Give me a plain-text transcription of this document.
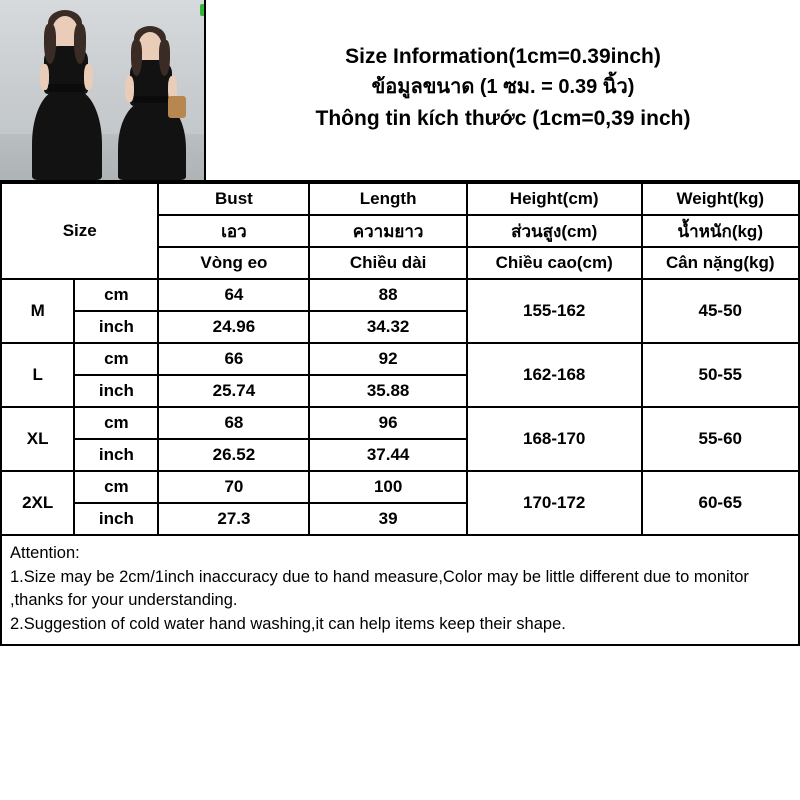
Size Information(1cm=0.39inch)
ข้อมูลขนาด (1 ซม. = 0.39 นิ้ว)
Thông tin kích thước (1cm=0,39 inch)
Size		Bust	Length	Height(cm)	Weight(kg)
		เอว	ความยาว	ส่วนสูง(cm)	น้ำหนัก(kg)
		Vòng eo	Chiều dài	Chiều cao(cm)	Cân nặng(kg)
M	cm	64	88	155-162	45-50
	inch	24.96	34.32		
L	cm	66	92	162-168	50-55
	inch	25.74	35.88		
XL	cm	68	96	168-170	55-60
	inch	26.52	37.44		
2XL	cm	70	100	170-172	60-65
	inch	27.3	39		
Attention:
1.Size may be 2cm/1inch inaccuracy due to hand measure,Color may be little different due to monitor ,thanks for your understanding.
2.Suggestion of cold water hand washing,it can help items keep their shape.
